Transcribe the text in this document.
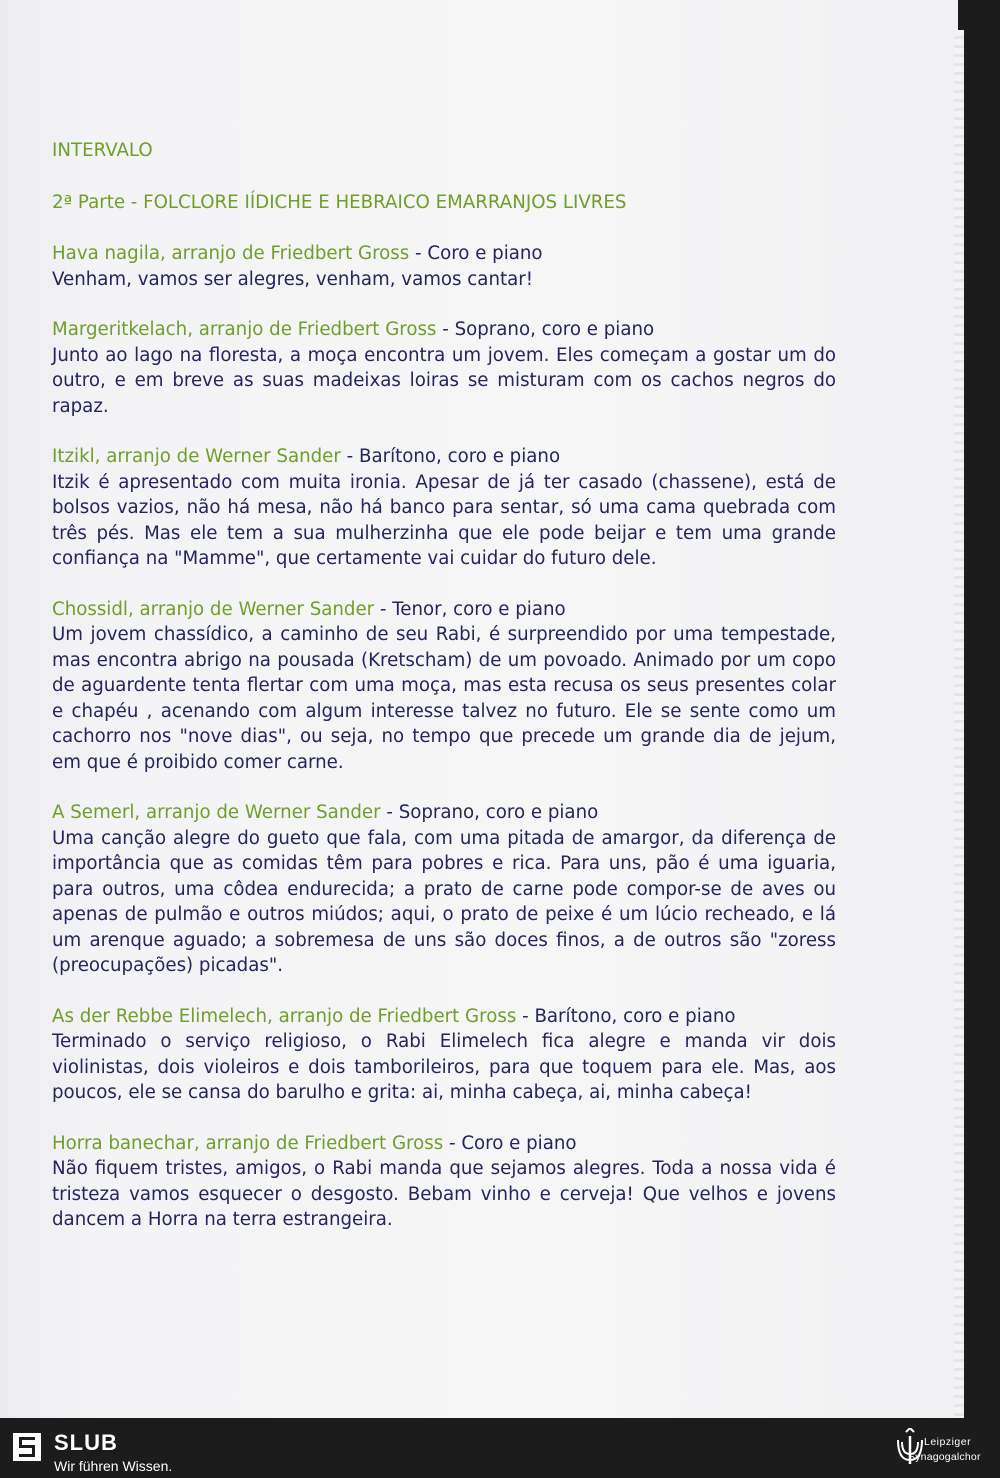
INTERVALO
2ª Parte - FOLCLORE IÍDICHE E HEBRAICO EMARRANJOS LIVRES
Hava nagila, arranjo de Friedbert Gross - Coro e piano
Venham, vamos ser alegres, venham, vamos cantar!
Margeritkelach, arranjo de Friedbert Gross - Soprano, coro e piano
Junto ao lago na floresta, a moça encontra um jovem. Eles começam a gostar um do outro, e em breve as suas madeixas loiras se misturam com os cachos negros do rapaz.
Itzikl, arranjo de Werner Sander - Barítono, coro e piano
Itzik é apresentado com muita ironia. Apesar de já ter casado (chassene), está de bolsos vazios, não há mesa, não há banco para sentar, só uma cama quebrada com três pés. Mas ele tem a sua mulherzinha que ele pode beijar e tem uma grande confiança na "Mamme", que certamente vai cuidar do futuro dele.
Chossidl, arranjo de Werner Sander - Tenor, coro e piano
Um jovem chassídico, a caminho de seu Rabi, é surpreendido por uma tempestade, mas encontra abrigo na pousada (Kretscham) de um povoado. Animado por um copo de aguardente tenta flertar com uma moça, mas esta recusa os seus presentes colar e chapéu , acenando com algum interesse talvez no futuro. Ele se sente como um cachorro nos "nove dias", ou seja, no tempo que precede um grande dia de jejum, em que é proibido comer carne.
A Semerl, arranjo de Werner Sander - Soprano, coro e piano
Uma canção alegre do gueto que fala, com uma pitada de amargor, da diferença de importância que as comidas têm para pobres e rica. Para uns, pão é uma iguaria, para outros, uma côdea endurecida; a prato de carne pode compor-se de aves ou apenas de pulmão e outros miúdos; aqui, o prato de peixe é um lúcio recheado, e lá um arenque aguado; a sobremesa de uns são doces finos, a de outros são "zoress (preocupações) picadas".
As der Rebbe Elimelech, arranjo de Friedbert Gross - Barítono, coro e piano
Terminado o serviço religioso, o Rabi Elimelech fica alegre e manda vir dois violinistas, dois violeiros e dois tamborileiros, para que toquem para ele. Mas, aos poucos, ele se cansa do barulho e grita: ai, minha cabeça, ai, minha cabeça!
Horra banechar, arranjo de Friedbert Gross - Coro e piano
Não fiquem tristes, amigos, o Rabi manda que sejamos alegres. Toda a nossa vida é tristeza vamos esquecer o desgosto. Bebam vinho e cerveja! Que velhos e jovens dancem a Horra na terra estrangeira.
SLUB
Wir führen Wissen.
Leipziger
Synagogalchor
